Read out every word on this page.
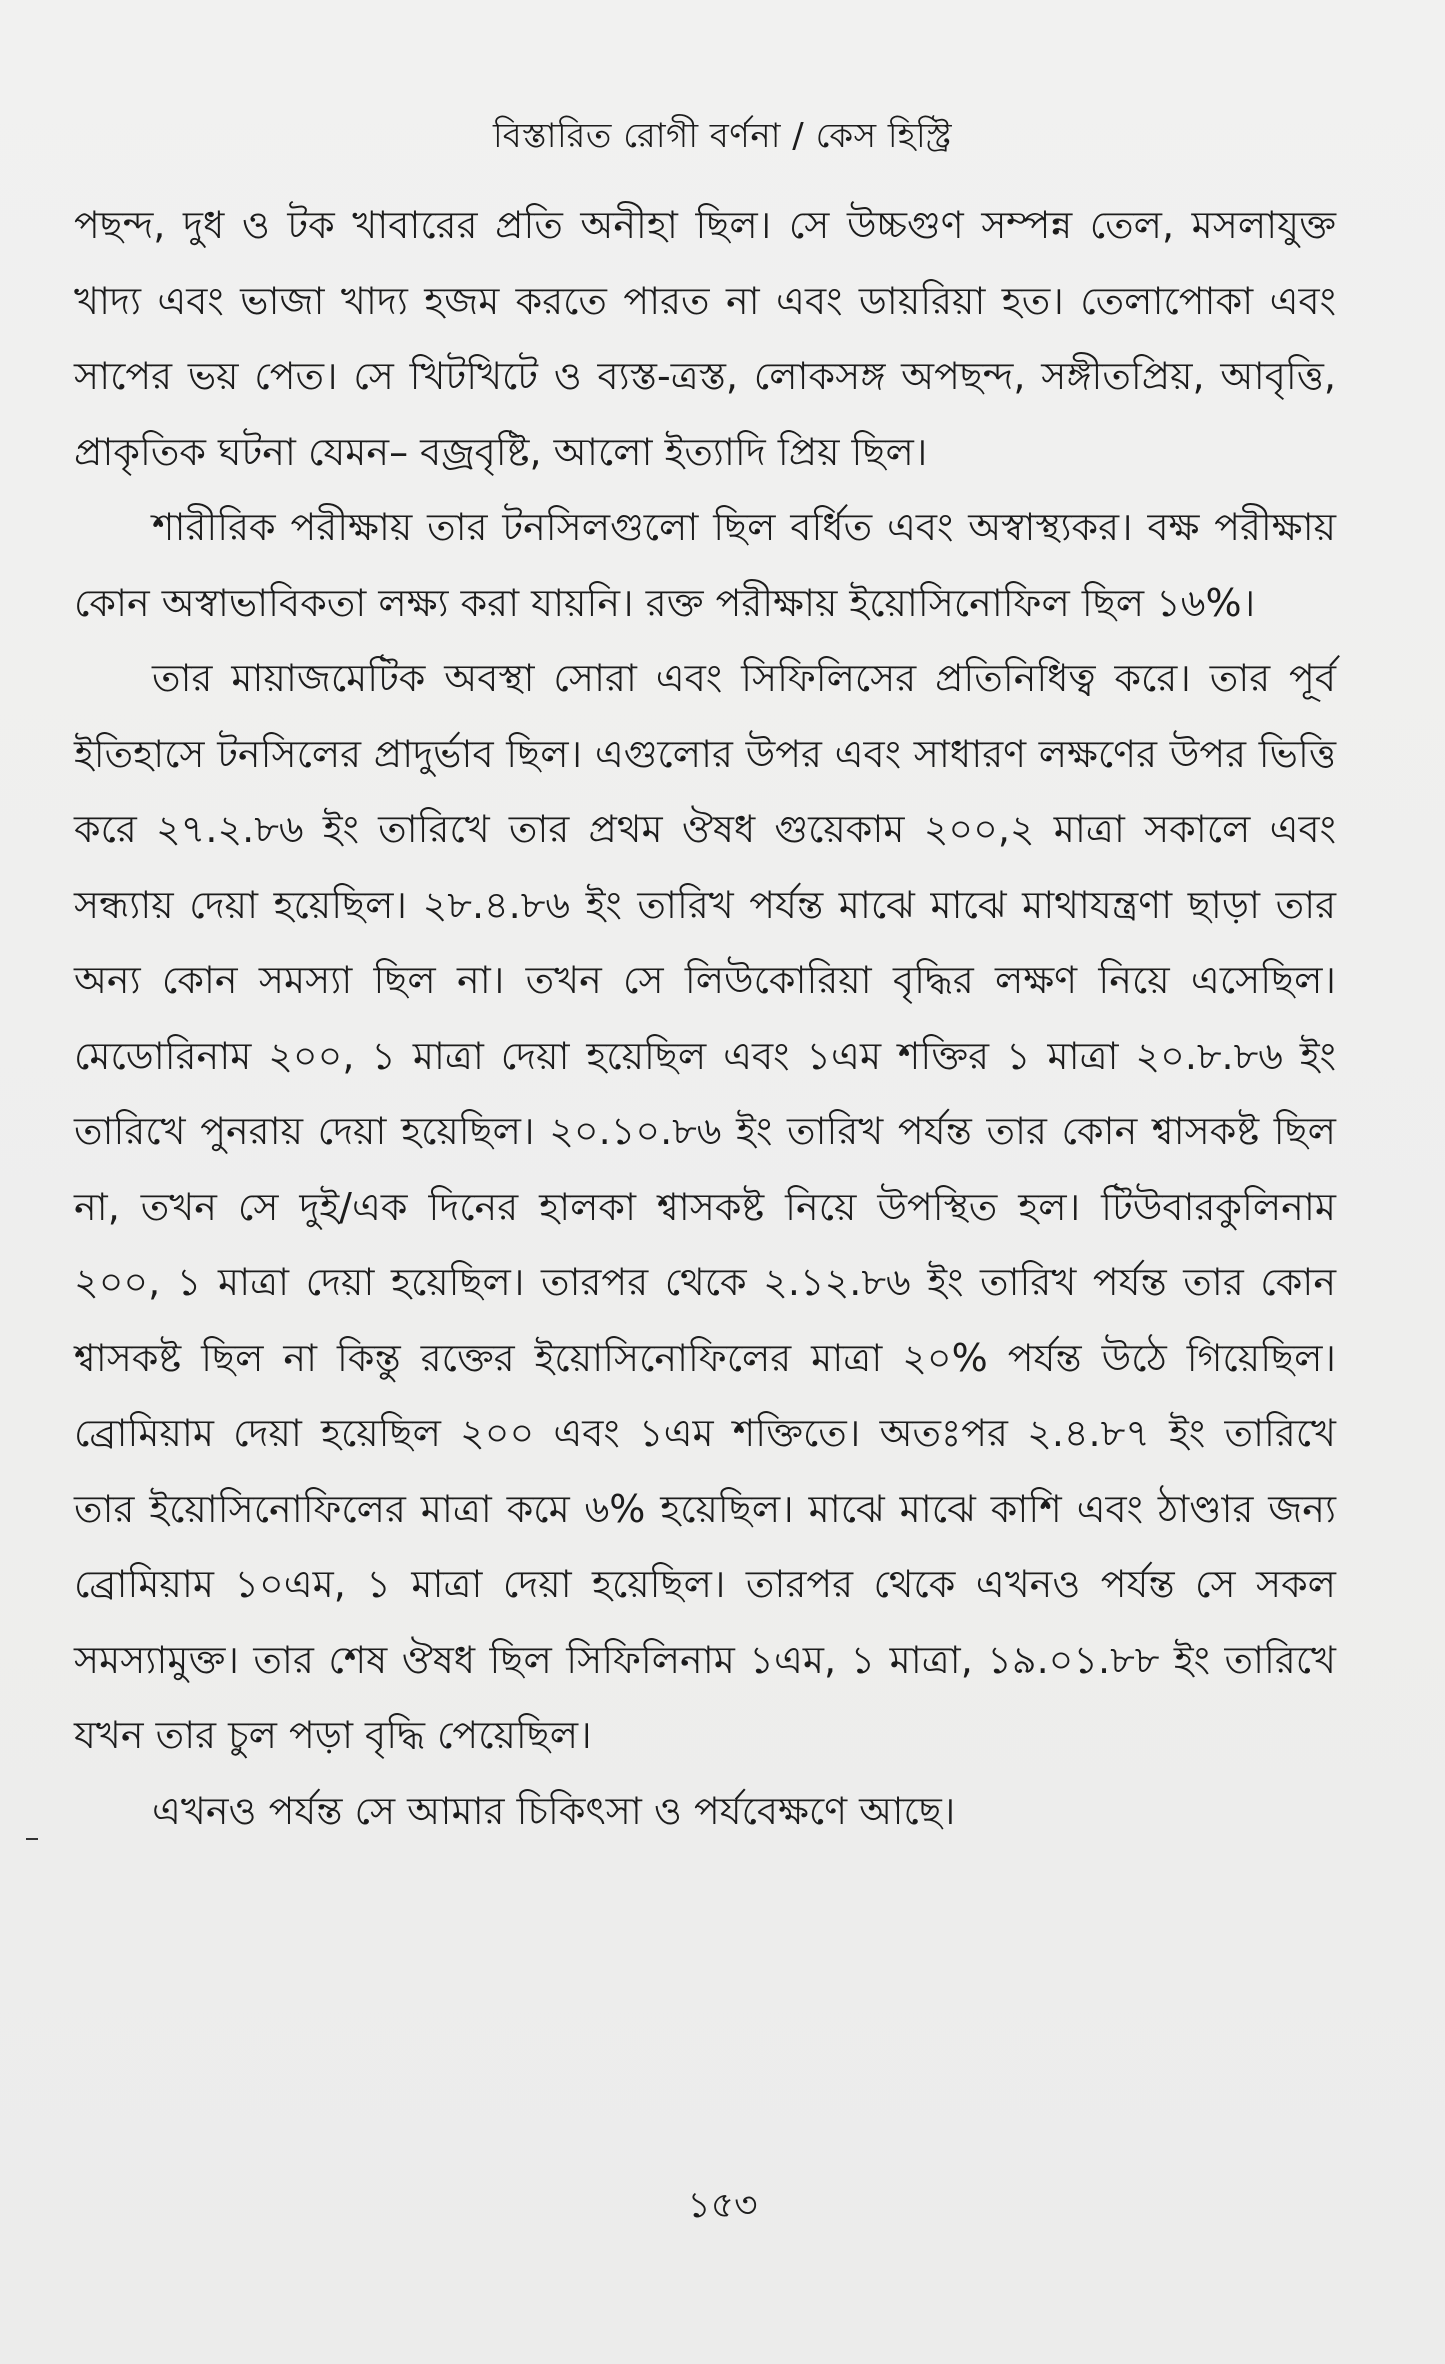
বিস্তারিত রোগী বর্ণনা / কেস হিস্ট্রি

পছন্দ, দুধ ও টক খাবারের প্রতি অনীহা ছিল। সে উচ্চগুণ সম্পন্ন তেল, মসলাযুক্ত খাদ্য এবং ভাজা খাদ্য হজম করতে পারত না এবং ডায়রিয়া হত। তেলাপোকা এবং সাপের ভয় পেত। সে খিটখিটে ও ব্যস্ত-ত্রস্ত, লোকসঙ্গ অপছন্দ, সঙ্গীতপ্রিয়, আবৃত্তি, প্রাকৃতিক ঘটনা যেমন– বজ্রবৃষ্টি, আলো ইত্যাদি প্রিয় ছিল।

শারীরিক পরীক্ষায় তার টনসিলগুলো ছিল বর্ধিত এবং অস্বাস্থ্যকর। বক্ষ পরীক্ষায় কোন অস্বাভাবিকতা লক্ষ্য করা যায়নি। রক্ত পরীক্ষায় ইয়োসিনোফিল ছিল ১৬%।

তার মায়াজমেটিক অবস্থা সোরা এবং সিফিলিসের প্রতিনিধিত্ব করে। তার পূর্ব ইতিহাসে টনসিলের প্রাদুর্ভাব ছিল। এগুলোর উপর এবং সাধারণ লক্ষণের উপর ভিত্তি করে ২৭.২.৮৬ ইং তারিখে তার প্রথম ঔষধ গুয়েকাম ২০০,২ মাত্রা সকালে এবং সন্ধ্যায় দেয়া হয়েছিল। ২৮.৪.৮৬ ইং তারিখ পর্যন্ত মাঝে মাঝে মাথাযন্ত্রণা ছাড়া তার অন্য কোন সমস্যা ছিল না। তখন সে লিউকোরিয়া বৃদ্ধির লক্ষণ নিয়ে এসেছিল। মেডোরিনাম ২০০, ১ মাত্রা দেয়া হয়েছিল এবং ১এম শক্তির ১ মাত্রা ২০.৮.৮৬ ইং তারিখে পুনরায় দেয়া হয়েছিল। ২০.১০.৮৬ ইং তারিখ পর্যন্ত তার কোন শ্বাসকষ্ট ছিল না, তখন সে দুই/এক দিনের হালকা শ্বাসকষ্ট নিয়ে উপস্থিত হল। টিউবারকুলিনাম ২০০, ১ মাত্রা দেয়া হয়েছিল। তারপর থেকে ২.১২.৮৬ ইং তারিখ পর্যন্ত তার কোন শ্বাসকষ্ট ছিল না কিন্তু রক্তের ইয়োসিনোফিলের মাত্রা ২০% পর্যন্ত উঠে গিয়েছিল। ব্রোমিয়াম দেয়া হয়েছিল ২০০ এবং ১এম শক্তিতে। অতঃপর ২.৪.৮৭ ইং তারিখে তার ইয়োসিনোফিলের মাত্রা কমে ৬% হয়েছিল। মাঝে মাঝে কাশি এবং ঠাণ্ডার জন্য ব্রোমিয়াম ১০এম, ১ মাত্রা দেয়া হয়েছিল। তারপর থেকে এখনও পর্যন্ত সে সকল সমস্যামুক্ত। তার শেষ ঔষধ ছিল সিফিলিনাম ১এম, ১ মাত্রা, ১৯.০১.৮৮ ইং তারিখে যখন তার চুল পড়া বৃদ্ধি পেয়েছিল।

এখনও পর্যন্ত সে আমার চিকিৎসা ও পর্যবেক্ষণে আছে।

১৫৩
